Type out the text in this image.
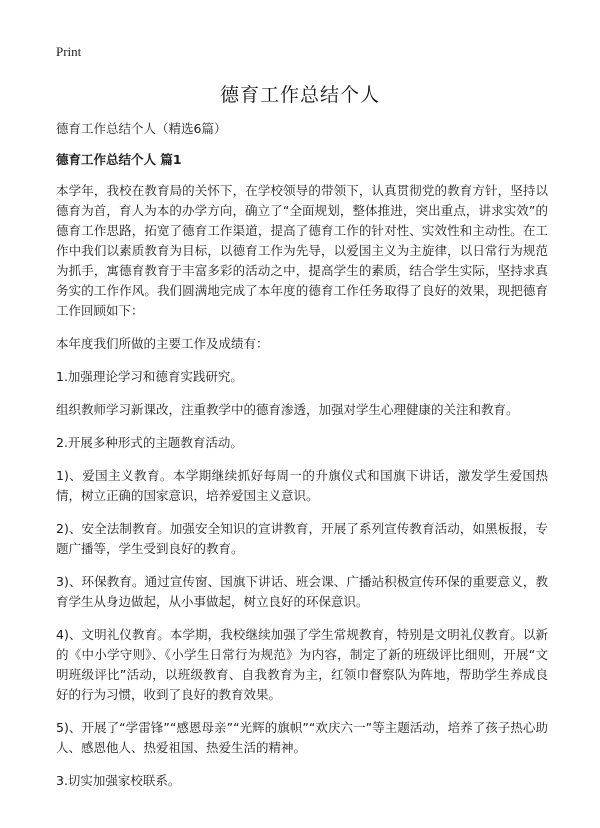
Print
德育工作总结个人

德育工作总结个人（精选6篇）

德育工作总结个人 篇1

本学年，我校在教育局的关怀下，在学校领导的带领下，认真贯彻党的教育方针，坚持以德育为首，育人为本的办学方向，确立了“全面规划，整体推进，突出重点，讲求实效”的德育工作思路，拓宽了德育工作渠道，提高了德育工作的针对性、实效性和主动性。在工作中我们以素质教育为目标，以德育工作为先导，以爱国主义为主旋律，以日常行为规范为抓手，寓德育教育于丰富多彩的活动之中，提高学生的素质，结合学生实际，坚持求真务实的工作作风。我们圆满地完成了本年度的德育工作任务取得了良好的效果，现把德育工作回顾如下：

本年度我们所做的主要工作及成绩有：

1.加强理论学习和德育实践研究。

组织教师学习新课改，注重教学中的德育渗透，加强对学生心理健康的关注和教育。

2.开展多种形式的主题教育活动。

1)、爱国主义教育。本学期继续抓好每周一的升旗仪式和国旗下讲话，激发学生爱国热情，树立正确的国家意识，培养爱国主义意识。

2)、安全法制教育。加强安全知识的宣讲教育，开展了系列宣传教育活动，如黑板报，专题广播等，学生受到良好的教育。

3)、环保教育。通过宣传窗、国旗下讲话、班会课、广播站积极宣传环保的重要意义，教育学生从身边做起，从小事做起，树立良好的环保意识。

4)、文明礼仪教育。本学期，我校继续加强了学生常规教育，特别是文明礼仪教育。以新的《中小学守则》、《小学生日常行为规范》为内容，制定了新的班级评比细则，开展“文明班级评比”活动，以班级教育、自我教育为主，红领巾督察队为阵地，帮助学生养成良好的行为习惯，收到了良好的教育效果。

5)、开展了“学雷锋”“感恩母亲”“光辉的旗帜”“欢庆六一”等主题活动，培养了孩子热心助人、感恩他人、热爱祖国、热爱生活的精神。

3.切实加强家校联系。
